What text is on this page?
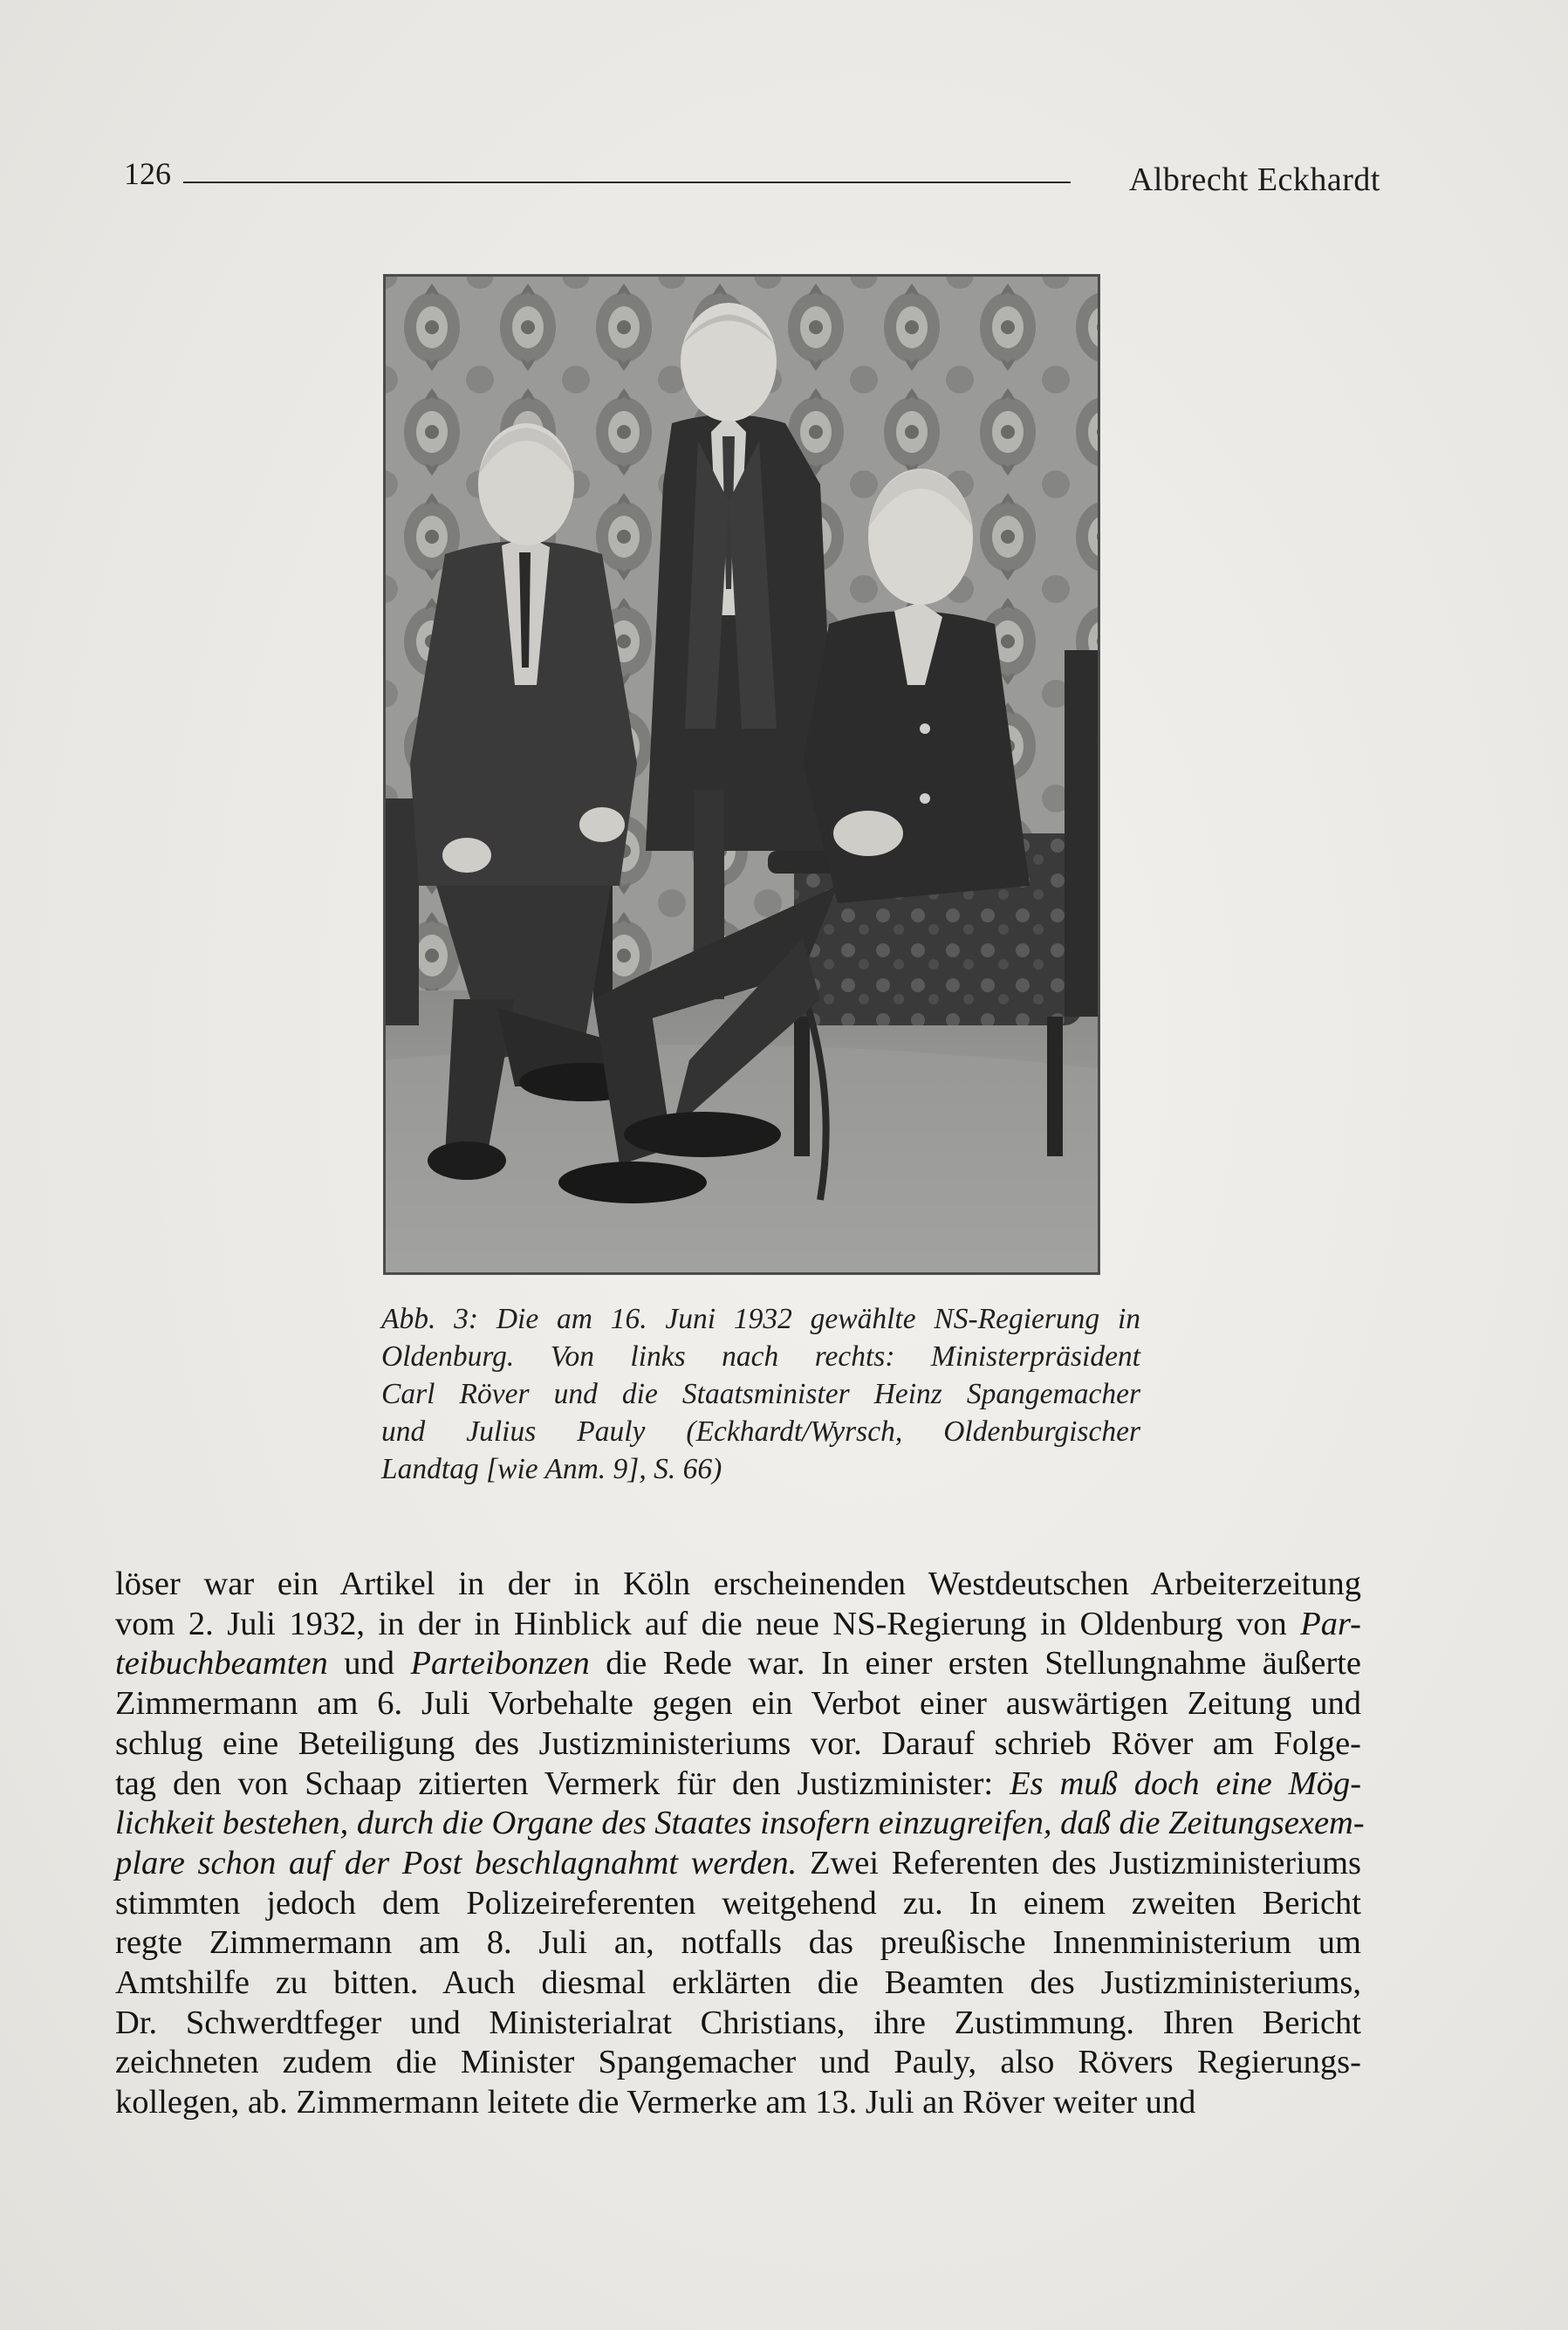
126	Albrecht Eckhardt
Abb. 3: Die am 16. Juni 1932 gewählte NS-Regierung in
Oldenburg. Von links nach rechts: Ministerpräsident
Carl Röver und die Staatsminister Heinz Spangemacher
und Julius Pauly (Eckhardt/Wyrsch, Oldenburgischer
Landtag [wie Anm. 9], S. 66)
löser war ein Artikel in der in Köln erscheinenden Westdeutschen Arbeiterzeitung
vom 2. Juli 1932, in der in Hinblick auf die neue NS-Regierung in Oldenburg von Par-
teibuchbeamten und Parteibonzen die Rede war. In einer ersten Stellungnahme äußerte
Zimmermann am 6. Juli Vorbehalte gegen ein Verbot einer auswärtigen Zeitung und
schlug eine Beteiligung des Justizministeriums vor. Darauf schrieb Röver am Folge-
tag den von Schaap zitierten Vermerk für den Justizminister: Es muß doch eine Mög-
lichkeit bestehen, durch die Organe des Staates insofern einzugreifen, daß die Zeitungsexem-
plare schon auf der Post beschlagnahmt werden. Zwei Referenten des Justizministeriums
stimmten jedoch dem Polizeireferenten weitgehend zu. In einem zweiten Bericht
regte Zimmermann am 8. Juli an, notfalls das preußische Innenministerium um
Amtshilfe zu bitten. Auch diesmal erklärten die Beamten des Justizministeriums,
Dr. Schwerdtfeger und Ministerialrat Christians, ihre Zustimmung. Ihren Bericht
zeichneten zudem die Minister Spangemacher und Pauly, also Rövers Regierungs-
kollegen, ab. Zimmermann leitete die Vermerke am 13. Juli an Röver weiter und
